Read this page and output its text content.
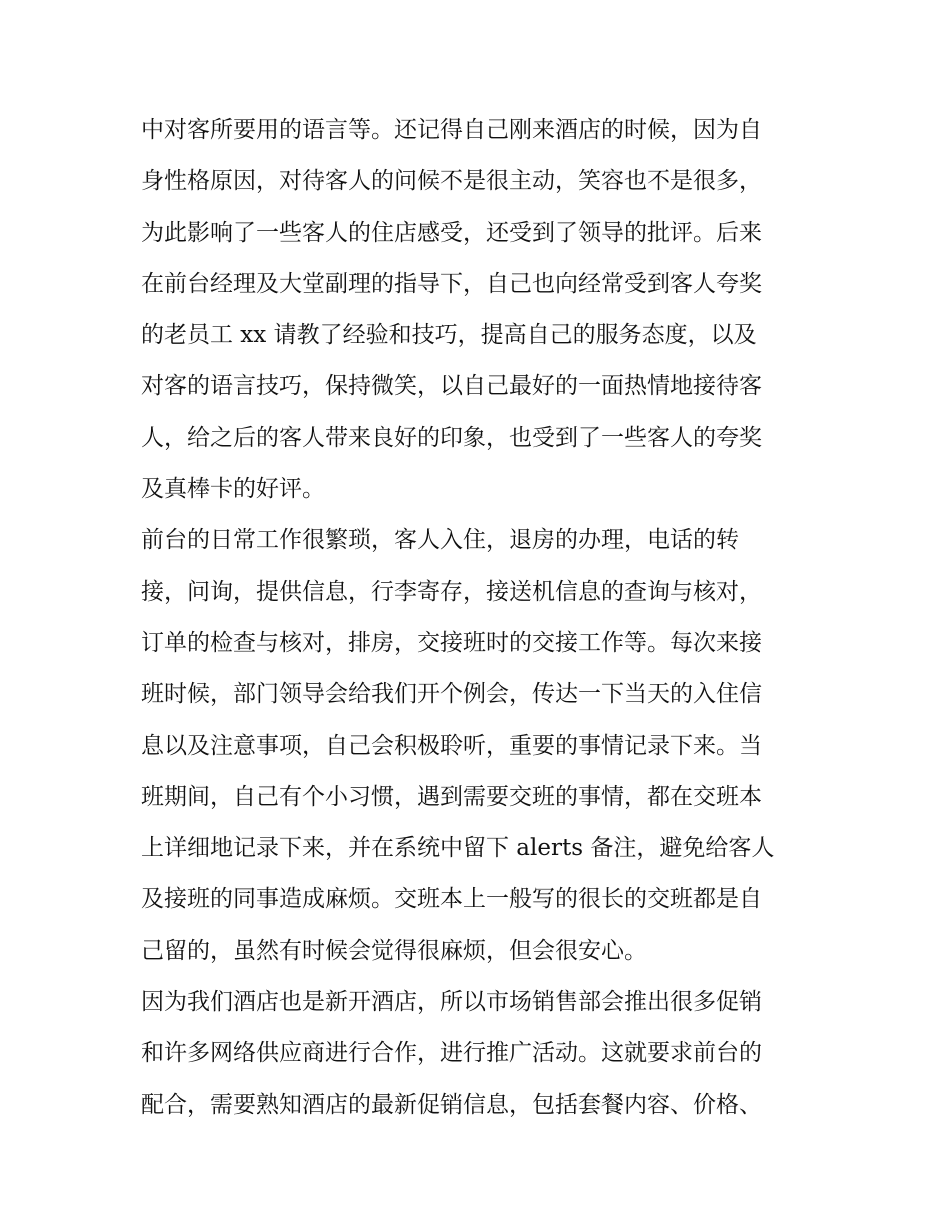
中对客所要用的语言等。还记得自己刚来酒店的时候，因为自
身性格原因，对待客人的问候不是很主动，笑容也不是很多，
为此影响了一些客人的住店感受，还受到了领导的批评。后来
在前台经理及大堂副理的指导下，自己也向经常受到客人夸奖
的老员工 xx 请教了经验和技巧，提高自己的服务态度，以及
对客的语言技巧，保持微笑，以自己最好的一面热情地接待客
人，给之后的客人带来良好的印象，也受到了一些客人的夸奖
及真棒卡的好评。
前台的日常工作很繁琐，客人入住，退房的办理，电话的转
接，问询，提供信息，行李寄存，接送机信息的查询与核对，
订单的检查与核对，排房，交接班时的交接工作等。每次来接
班时候，部门领导会给我们开个例会，传达一下当天的入住信
息以及注意事项，自己会积极聆听，重要的事情记录下来。当
班期间，自己有个小习惯，遇到需要交班的事情，都在交班本
上详细地记录下来，并在系统中留下 alerts 备注，避免给客人
及接班的同事造成麻烦。交班本上一般写的很长的交班都是自
己留的，虽然有时候会觉得很麻烦，但会很安心。
因为我们酒店也是新开酒店，所以市场销售部会推出很多促销
和许多网络供应商进行合作，进行推广活动。这就要求前台的
配合，需要熟知酒店的最新促销信息，包括套餐内容、价格、
